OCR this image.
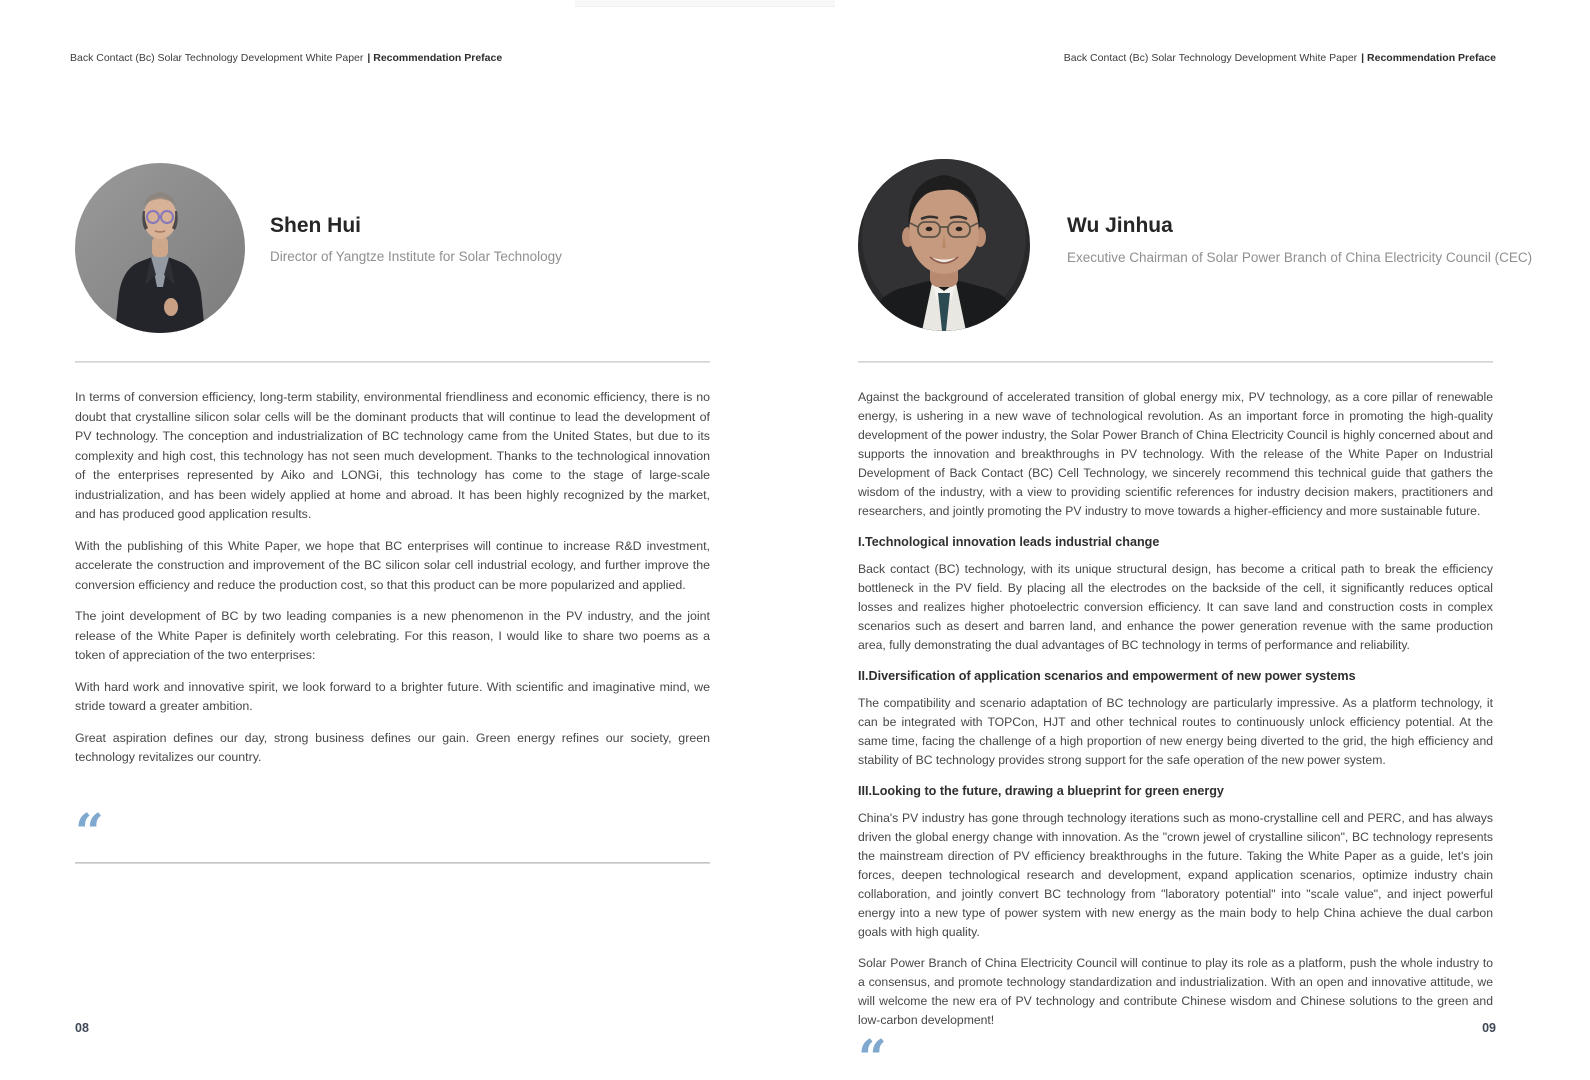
Back Contact (Bc) Solar Technology Development White Paper | Recommendation Preface	Back Contact (Bc) Solar Technology Development White Paper | Recommendation Preface
Shen Hui
Director of Yangtze Institute for Solar Technology
Wu Jinhua
Executive Chairman of Solar Power Branch of China Electricity Council (CEC)

In terms of conversion efficiency, long-term stability, environmental friendliness and economic efficiency, there is no doubt that crystalline silicon solar cells will be the dominant products that will continue to lead the development of PV technology. The conception and industrialization of BC technology came from the United States, but due to its complexity and high cost, this technology has not seen much development. Thanks to the technological innovation of the enterprises represented by Aiko and LONGi, this technology has come to the stage of large-scale industrialization, and has been widely applied at home and abroad. It has been highly recognized by the market, and has produced good application results.

With the publishing of this White Paper, we hope that BC enterprises will continue to increase R&D investment, accelerate the construction and improvement of the BC silicon solar cell industrial ecology, and further improve the conversion efficiency and reduce the production cost, so that this product can be more popularized and applied.

The joint development of BC by two leading companies is a new phenomenon in the PV industry, and the joint release of the White Paper is definitely worth celebrating. For this reason, I would like to share two poems as a token of appreciation of the two enterprises:

With hard work and innovative spirit, we look forward to a brighter future. With scientific and imaginative mind, we stride toward a greater ambition.

Great aspiration defines our day, strong business defines our gain. Green energy refines our society, green technology revitalizes our country.

“

Against the background of accelerated transition of global energy mix, PV technology, as a core pillar of renewable energy, is ushering in a new wave of technological revolution. As an important force in promoting the high-quality development of the power industry, the Solar Power Branch of China Electricity Council is highly concerned about and supports the innovation and breakthroughs in PV technology. With the release of the White Paper on Industrial Development of Back Contact (BC) Cell Technology, we sincerely recommend this technical guide that gathers the wisdom of the industry, with a view to providing scientific references for industry decision makers, practitioners and researchers, and jointly promoting the PV industry to move towards a higher-efficiency and more sustainable future.

I.Technological innovation leads industrial change

Back contact (BC) technology, with its unique structural design, has become a critical path to break the efficiency bottleneck in the PV field. By placing all the electrodes on the backside of the cell, it significantly reduces optical losses and realizes higher photoelectric conversion efficiency. It can save land and construction costs in complex scenarios such as desert and barren land, and enhance the power generation revenue with the same production area, fully demonstrating the dual advantages of BC technology in terms of performance and reliability.

II.Diversification of application scenarios and empowerment of new power systems

The compatibility and scenario adaptation of BC technology are particularly impressive. As a platform technology, it can be integrated with TOPCon, HJT and other technical routes to continuously unlock efficiency potential. At the same time, facing the challenge of a high proportion of new energy being diverted to the grid, the high efficiency and stability of BC technology provides strong support for the safe operation of the new power system.

III.Looking to the future, drawing a blueprint for green energy

China's PV industry has gone through technology iterations such as mono-crystalline cell and PERC, and has always driven the global energy change with innovation. As the "crown jewel of crystalline silicon", BC technology represents the mainstream direction of PV efficiency breakthroughs in the future. Taking the White Paper as a guide, let's join forces, deepen technological research and development, expand application scenarios, optimize industry chain collaboration, and jointly convert BC technology from "laboratory potential" into "scale value", and inject powerful energy into a new type of power system with new energy as the main body to help China achieve the dual carbon goals with high quality.

Solar Power Branch of China Electricity Council will continue to play its role as a platform, push the whole industry to a consensus, and promote technology standardization and industrialization. With an open and innovative attitude, we will welcome the new era of PV technology and contribute Chinese wisdom and Chinese solutions to the green and low-carbon development!

“
08	09
